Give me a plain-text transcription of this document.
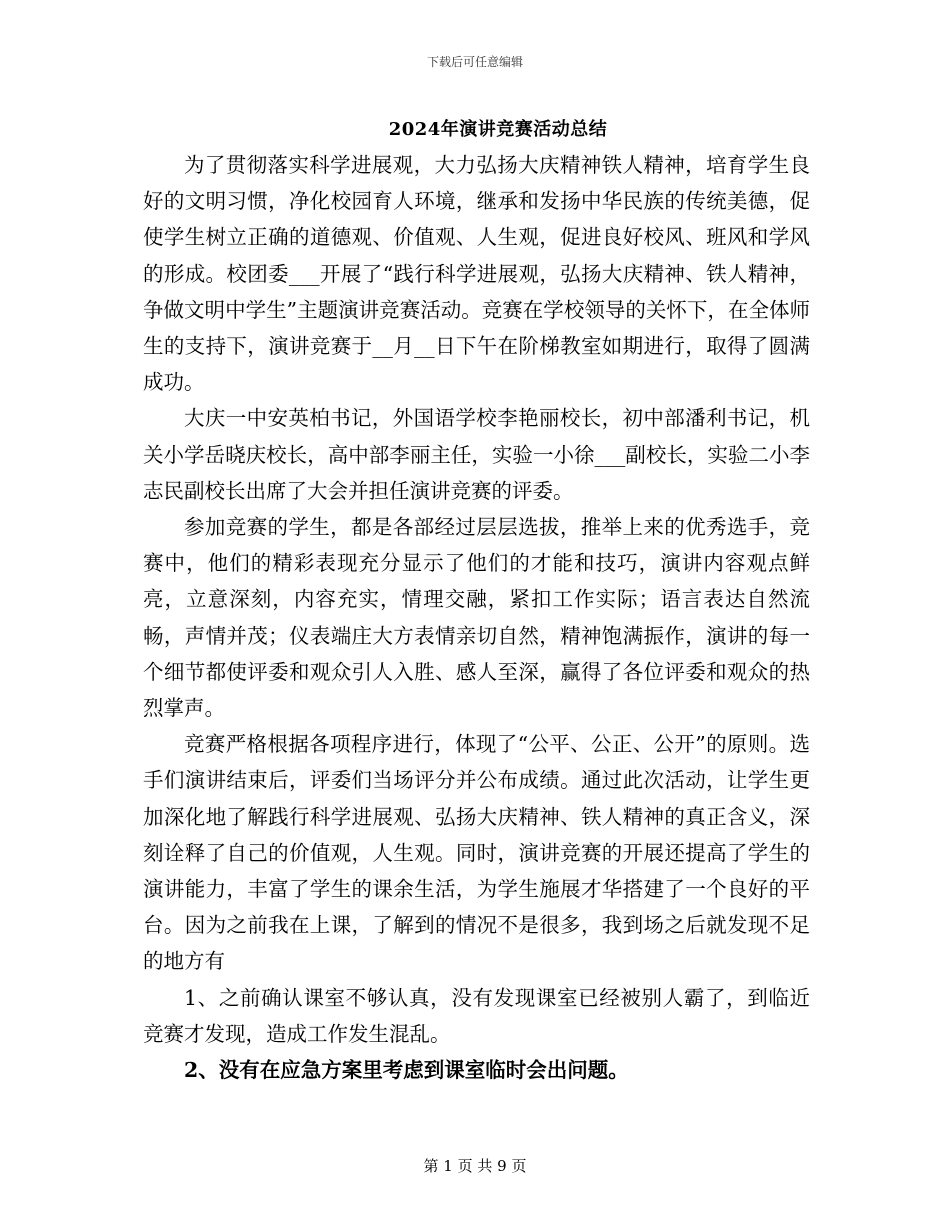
下载后可任意编辑
2024年演讲竞赛活动总结

为了贯彻落实科学进展观，大力弘扬大庆精神铁人精神，培育学生良好的文明习惯，净化校园育人环境，继承和发扬中华民族的传统美德，促使学生树立正确的道德观、价值观、人生观，促进良好校风、班风和学风的形成。校团委___开展了“践行科学进展观，弘扬大庆精神、铁人精神，争做文明中学生”主题演讲竞赛活动。竞赛在学校领导的关怀下，在全体师生的支持下，演讲竞赛于__月__日下午在阶梯教室如期进行，取得了圆满成功。

大庆一中安英柏书记，外国语学校李艳丽校长，初中部潘利书记，机关小学岳晓庆校长，高中部李丽主任，实验一小徐___副校长，实验二小李志民副校长出席了大会并担任演讲竞赛的评委。

参加竞赛的学生，都是各部经过层层选拔，推举上来的优秀选手，竞赛中，他们的精彩表现充分显示了他们的才能和技巧，演讲内容观点鲜亮，立意深刻，内容充实，情理交融，紧扣工作实际；语言表达自然流畅，声情并茂；仪表端庄大方表情亲切自然，精神饱满振作，演讲的每一个细节都使评委和观众引人入胜、感人至深，赢得了各位评委和观众的热烈掌声。

竞赛严格根据各项程序进行，体现了“公平、公正、公开”的原则。选手们演讲结束后，评委们当场评分并公布成绩。通过此次活动，让学生更加深化地了解践行科学进展观、弘扬大庆精神、铁人精神的真正含义，深刻诠释了自己的价值观，人生观。同时，演讲竞赛的开展还提高了学生的演讲能力，丰富了学生的课余生活，为学生施展才华搭建了一个良好的平台。因为之前我在上课，了解到的情况不是很多，我到场之后就发现不足的地方有

1、之前确认课室不够认真，没有发现课室已经被别人霸了，到临近竞赛才发现，造成工作发生混乱。

2、没有在应急方案里考虑到课室临时会出问题。

第 1 页 共 9 页
